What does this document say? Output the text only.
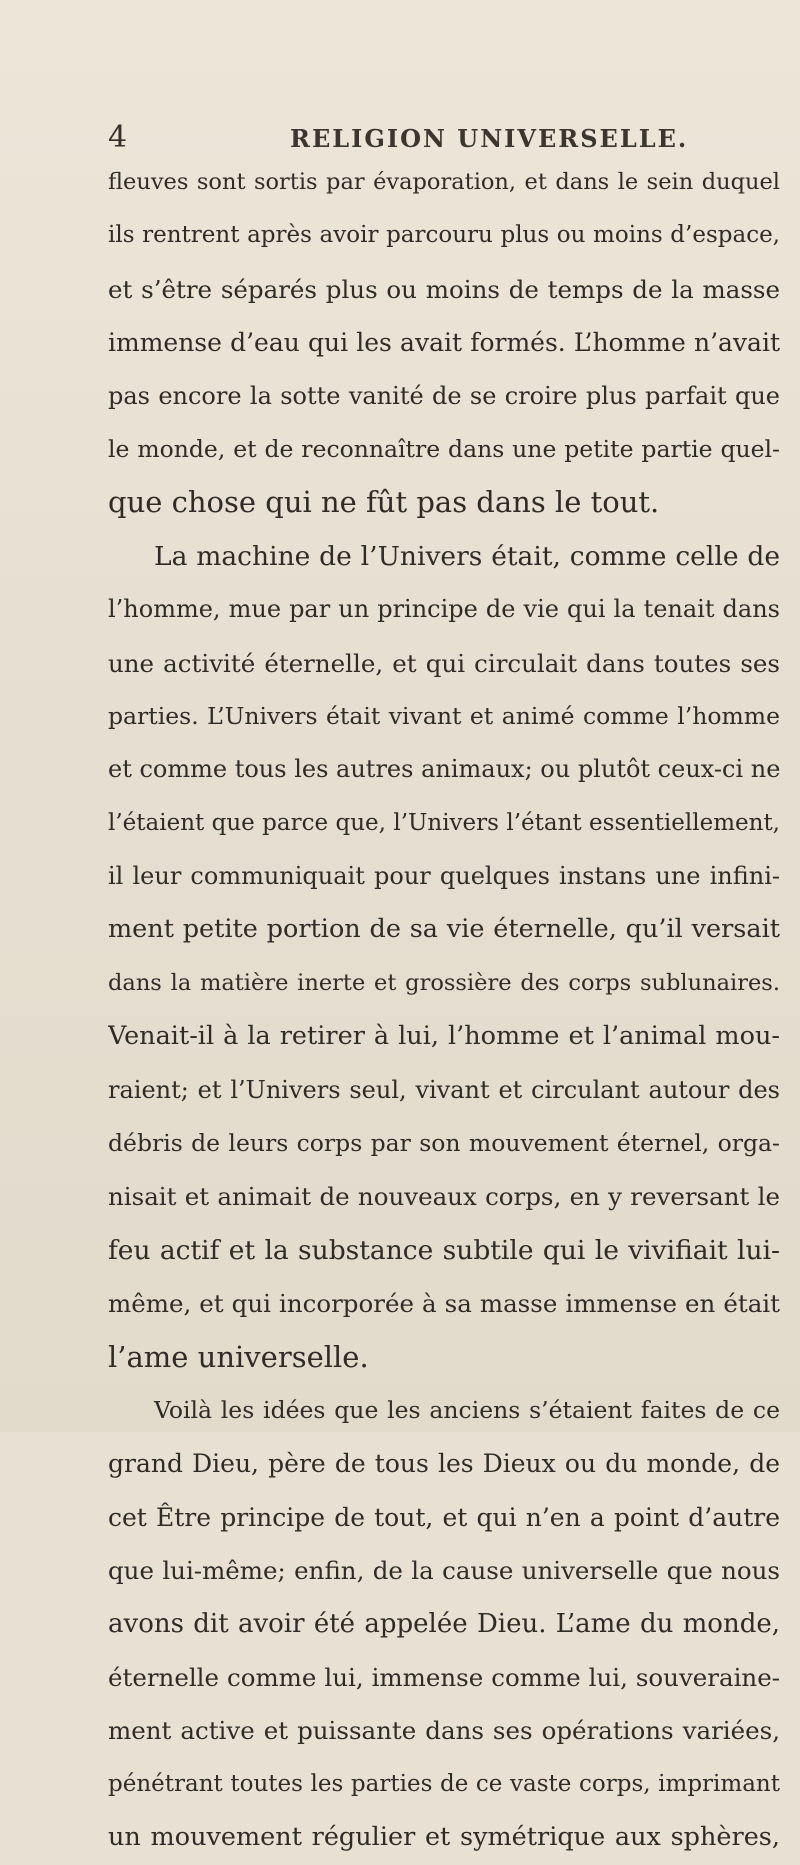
4	RELIGION UNIVERSELLE.
fleuves sont sortis par évaporation, et dans le sein duquel
ils rentrent après avoir parcouru plus ou moins d’espace,
et s’être séparés plus ou moins de temps de la masse
immense d’eau qui les avait formés. L’homme n’avait
pas encore la sotte vanité de se croire plus parfait que
le monde, et de reconnaître dans une petite partie quel-
que chose qui ne fût pas dans le tout.
La machine de l’Univers était, comme celle de
l’homme, mue par un principe de vie qui la tenait dans
une activité éternelle, et qui circulait dans toutes ses
parties. L’Univers était vivant et animé comme l’homme
et comme tous les autres animaux; ou plutôt ceux-ci ne
l’étaient que parce que, l’Univers l’étant essentiellement,
il leur communiquait pour quelques instans une infini-
ment petite portion de sa vie éternelle, qu’il versait
dans la matière inerte et grossière des corps sublunaires.
Venait-il à la retirer à lui, l’homme et l’animal mou-
raient; et l’Univers seul, vivant et circulant autour des
débris de leurs corps par son mouvement éternel, orga-
nisait et animait de nouveaux corps, en y reversant le
feu actif et la substance subtile qui le vivifiait lui-
même, et qui incorporée à sa masse immense en était
l’ame universelle.
Voilà les idées que les anciens s’étaient faites de ce
grand Dieu, père de tous les Dieux ou du monde, de
cet Être principe de tout, et qui n’en a point d’autre
que lui-même; enfin, de la cause universelle que nous
avons dit avoir été appelée Dieu. L’ame du monde,
éternelle comme lui, immense comme lui, souveraine-
ment active et puissante dans ses opérations variées,
pénétrant toutes les parties de ce vaste corps, imprimant
un mouvement régulier et symétrique aux sphères,
